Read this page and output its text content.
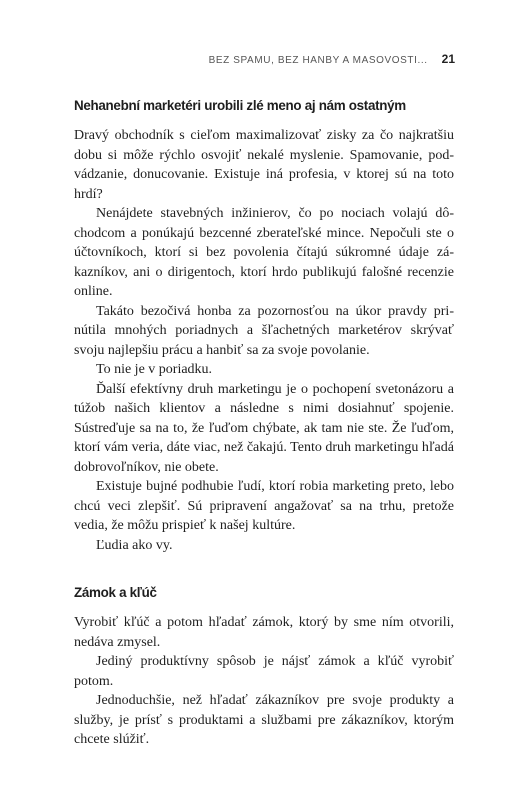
BEZ SPAMU, BEZ HANBY A MASOVOSTI... 21
Nehanební marketéri urobili zlé meno aj nám ostatným

Dravý obchodník s cieľom maximalizovať zisky za čo najkratšiu dobu si môže rýchlo osvojiť nekalé myslenie. Spamovanie, podvádzanie, donucovanie. Existuje iná profesia, v ktorej sú na toto hrdí?

Nenájdete stavebných inžinierov, čo po nociach volajú dôchodcom a ponúkajú bezcenné zberateľské mince. Nepočuli ste o účtovníkoch, ktorí si bez povolenia čítajú súkromné údaje zákazníkov, ani o dirigentoch, ktorí hrdo publikujú falošné recenzie online.

Takáto bezočivá honba za pozornosťou na úkor pravdy prinútila mnohých poriadnych a šľachetných marketérov skrývať svoju najlepšiu prácu a hanbiť sa za svoje povolanie.

To nie je v poriadku.

Ďalší efektívny druh marketingu je o pochopení svetonázoru a túžob našich klientov a následne s nimi dosiahnuť spojenie. Sústreďuje sa na to, že ľuďom chýbate, ak tam nie ste. Že ľuďom, ktorí vám veria, dáte viac, než čakajú. Tento druh marketingu hľadá dobrovoľníkov, nie obete.

Existuje bujné podhubie ľudí, ktorí robia marketing preto, lebo chcú veci zlepšiť. Sú pripravení angažovať sa na trhu, pretože vedia, že môžu prispieť k našej kultúre.

Ľudia ako vy.

Zámok a kľúč

Vyrobiť kľúč a potom hľadať zámok, ktorý by sme ním otvorili, nedáva zmysel.

Jediný produktívny spôsob je nájsť zámok a kľúč vyrobiť potom.

Jednoduchšie, než hľadať zákazníkov pre svoje produkty a služby, je prísť s produktami a službami pre zákazníkov, ktorým chcete slúžiť.
